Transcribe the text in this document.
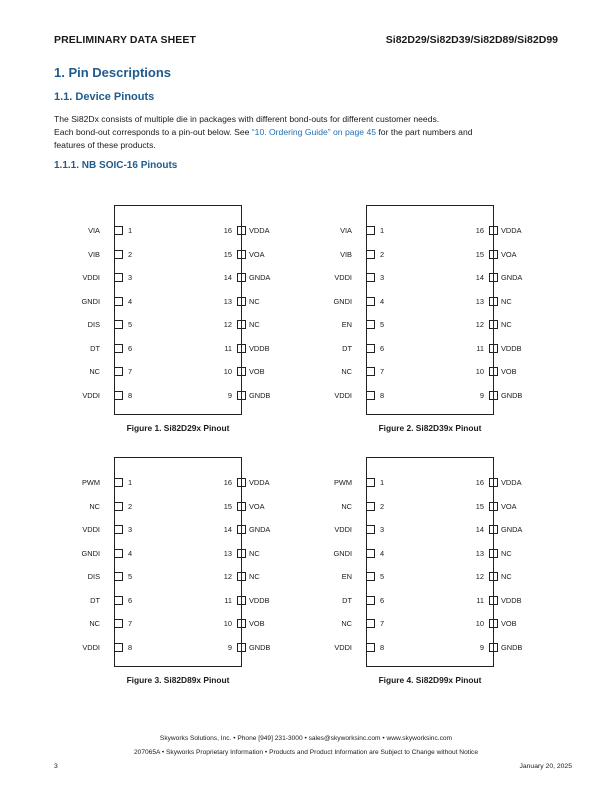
PRELIMINARY DATA SHEET	Si82D29/Si82D39/Si82D89/Si82D99
1. Pin Descriptions
1.1. Device Pinouts
The Si82Dx consists of multiple die in packages with different bond-outs for different customer needs.
Each bond-out corresponds to a pin-out below. See “10. Ordering Guide” on page 45 for the part numbers and
features of these products.
1.1.1. NB SOIC-16 Pinouts
Figure 1. Si82D29x Pinout
VIA	1
VIB	2
VDDI	3
GNDI	4
DIS	5
DT	6
NC	7
VDDI	8
16 VDDA
15 VOA
14 GNDA
13 NC
12 NC
11 VDDB
10 VOB
9 GNDB
Figure 2. Si82D39x Pinout
VIA	1
VIB	2
VDDI	3
GNDI	4
EN	5
DT	6
NC	7
VDDI	8
16 VDDA
15 VOA
14 GNDA
13 NC
12 NC
11 VDDB
10 VOB
9 GNDB
Figure 3. Si82D89x Pinout
PWM	1
NC	2
VDDI	3
GNDI	4
DIS	5
DT	6
NC	7
VDDI	8
16 VDDA
15 VOA
14 GNDA
13 NC
12 NC
11 VDDB
10 VOB
9 GNDB
Figure 4. Si82D99x Pinout
PWM	1
NC	2
VDDI	3
GNDI	4
EN	5
DT	6
NC	7
VDDI	8
16 VDDA
15 VOA
14 GNDA
13 NC
12 NC
11 VDDB
10 VOB
9 GNDB
Skyworks Solutions, Inc. • Phone [949] 231-3000 • sales@skyworksinc.com • www.skyworksinc.com
207065A • Skyworks Proprietary Information • Products and Product Information are Subject to Change without Notice
3	January 20, 2025
